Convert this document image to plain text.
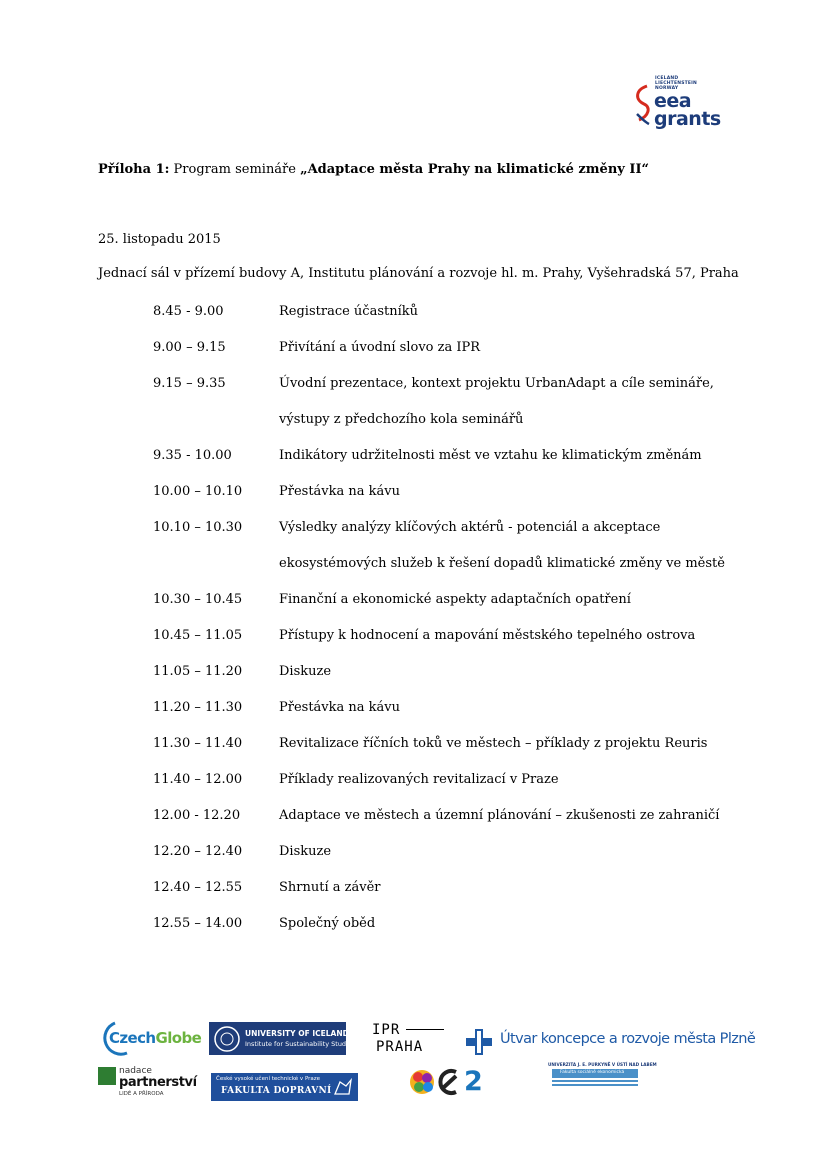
ICELAND
LIECHTENSTEIN
NORWAY
eea
grants
Příloha 1: Program semináře „Adaptace města Prahy na klimatické změny II“
25. listopadu 2015
Jednací sál v přízemí budovy A, Institutu plánování a rozvoje hl. m. Prahy, Vyšehradská 57, Praha
8.45 - 9.00	Registrace účastníků
9.00 – 9.15	Přivítání a úvodní slovo za IPR
9.15 – 9.35	Úvodní prezentace, kontext projektu UrbanAdapt a cíle semináře,
výstupy z předchozího kola seminářů
9.35 - 10.00	Indikátory udržitelnosti měst ve vztahu ke klimatickým změnám
10.00 – 10.10	Přestávka na kávu
10.10 – 10.30	Výsledky analýzy klíčových aktérů - potenciál a akceptace
ekosystémových služeb k řešení dopadů klimatické změny ve městě
10.30 – 10.45	Finanční a ekonomické aspekty adaptačních opatření
10.45 – 11.05	Přístupy k hodnocení a mapování městského tepelného ostrova
11.05 – 11.20	Diskuze
11.20 – 11.30	Přestávka na kávu
11.30 – 11.40	Revitalizace říčních toků ve městech – příklady z projektu Reuris
11.40 – 12.00	Příklady realizovaných revitalizací v Praze
12.00 - 12.20	Adaptace ve městech a územní plánování – zkušenosti ze zahraničí
12.20 – 12.40	Diskuze
12.40 – 12.55	Shrnutí a závěr
12.55 – 14.00	Společný oběd
CzechGlobe	UNIVERSITY OF ICELAND
Institute for Sustainability Studies
IPR
PRAHA	Útvar koncepce a rozvoje města Plzně
nadace
partnerství
LIDÉ A PŘÍRODA
České vysoké učení technické v Praze
FAKULTA DOPRAVNÍ	2
UNIVERZITA J. E. PURKYNĚ V ÚSTÍ NAD LABEM
Fakulta sociálně ekonomická
